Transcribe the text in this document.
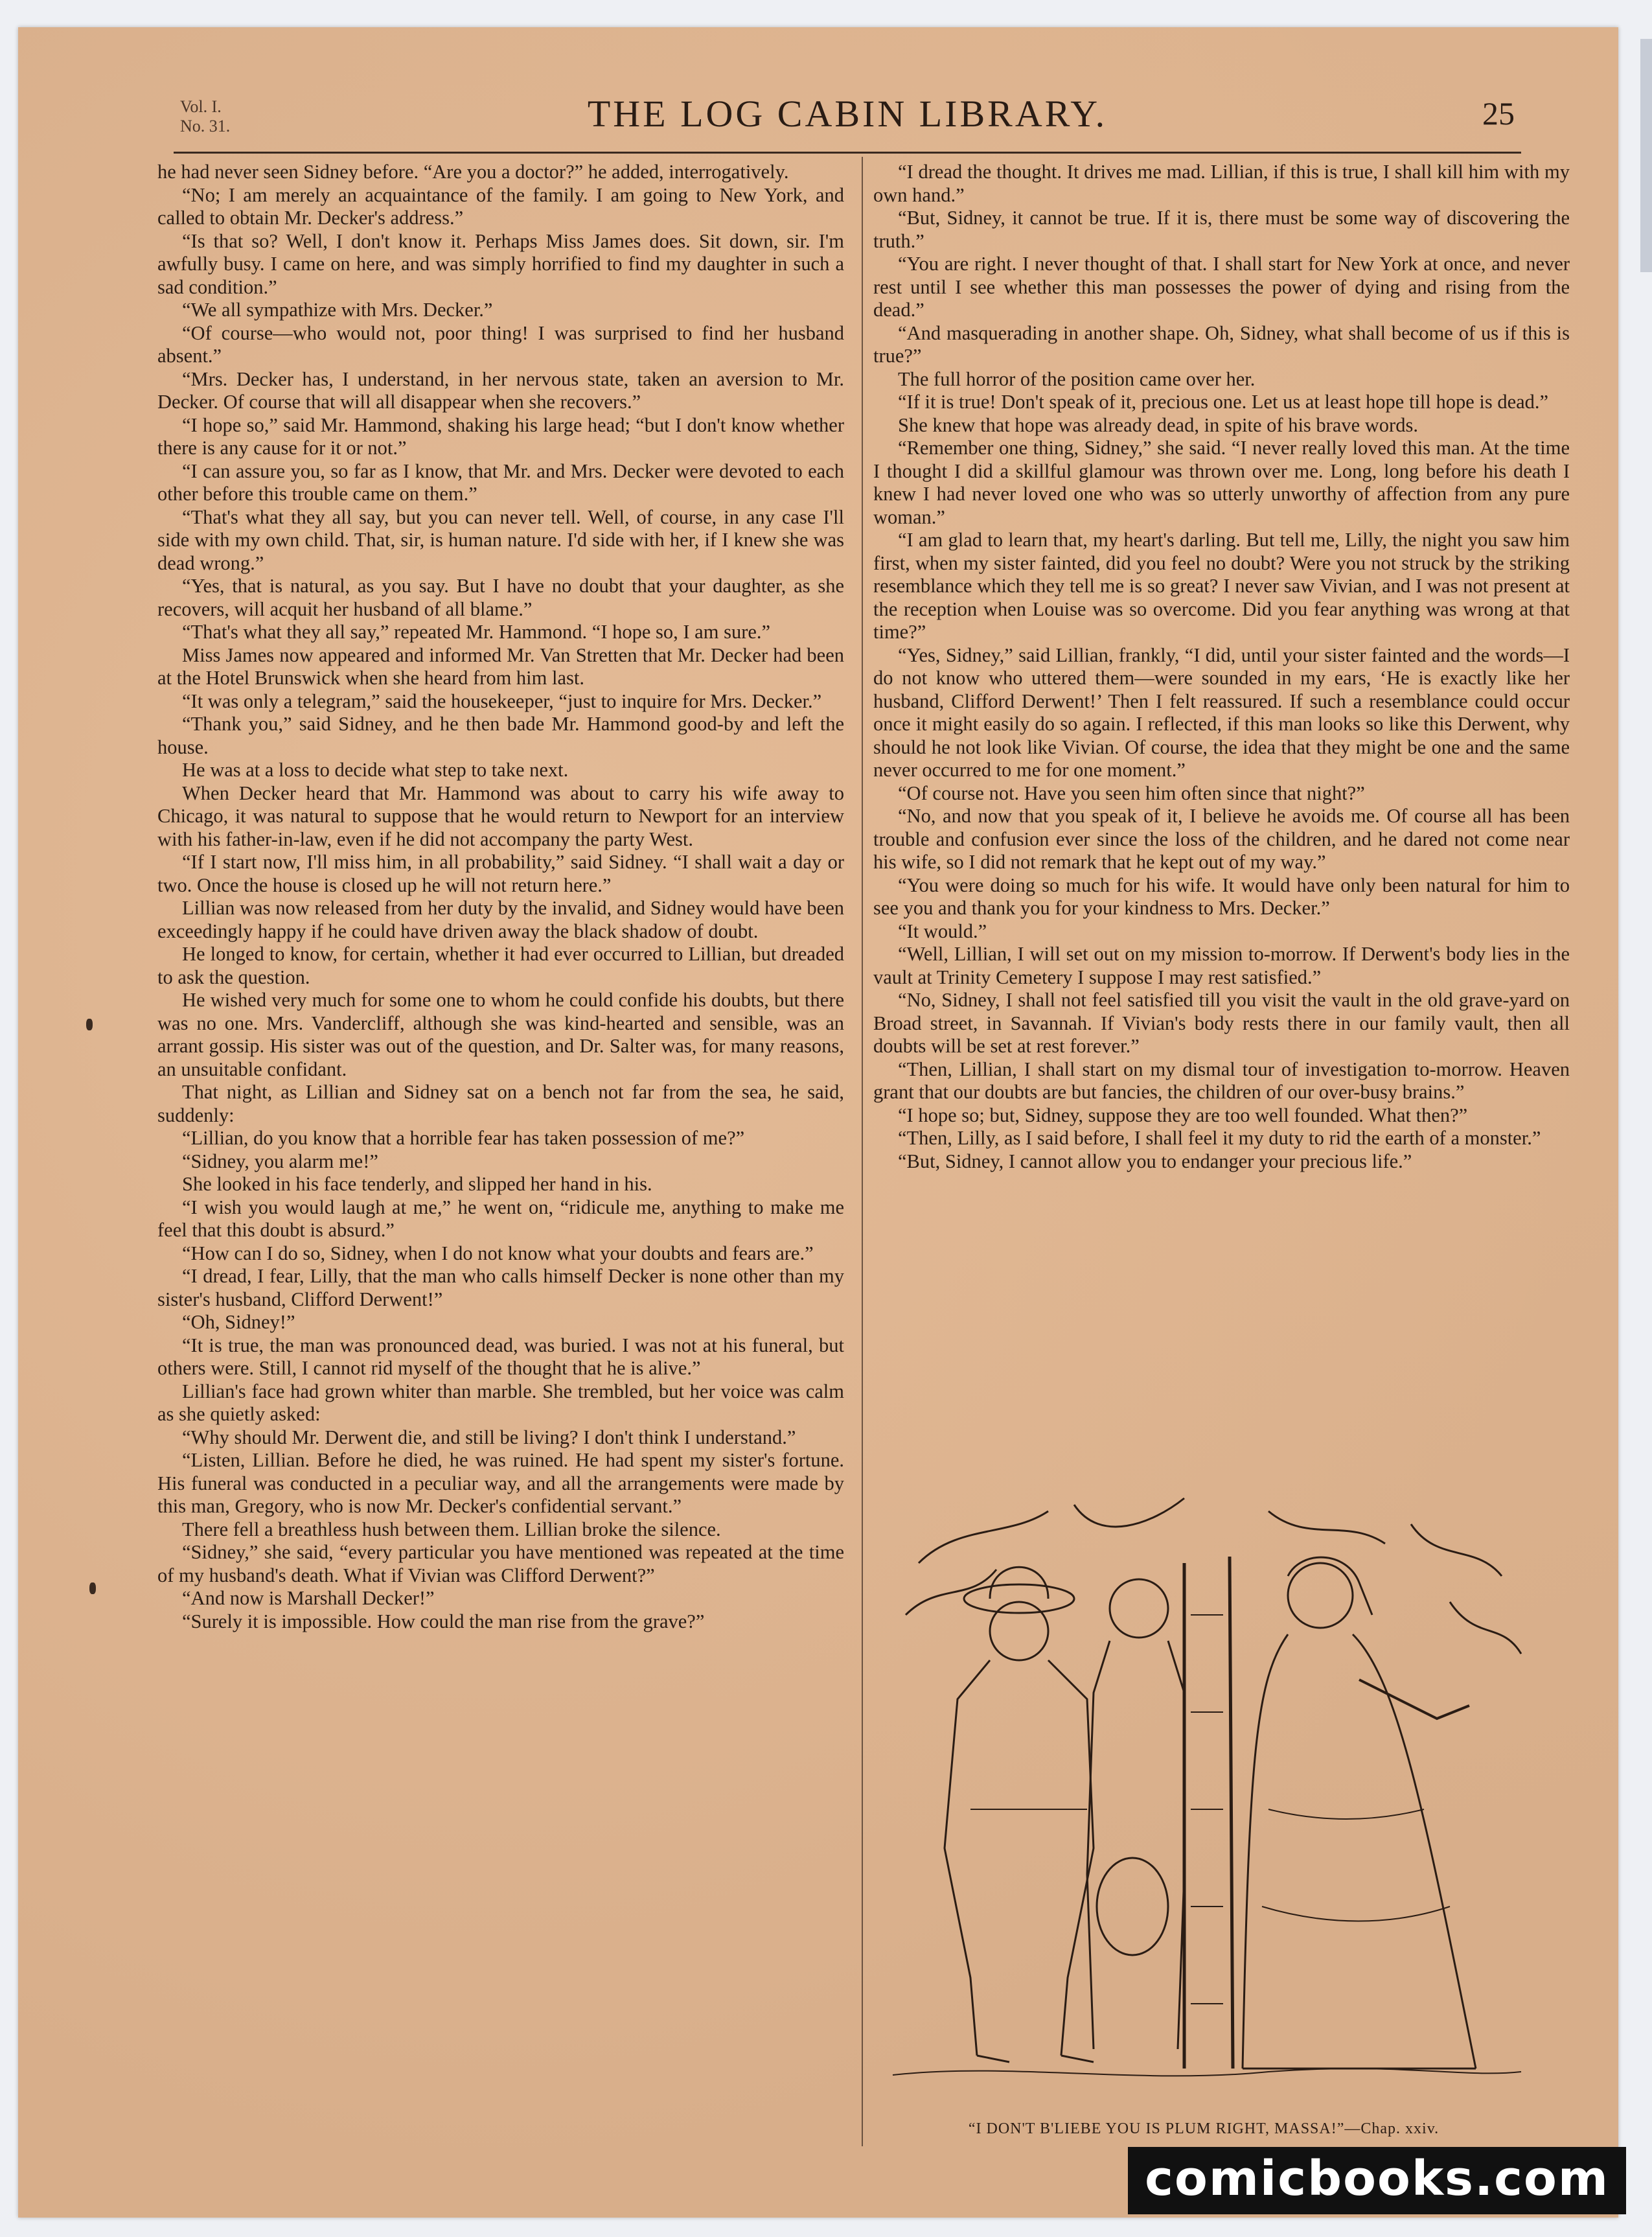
Vol. I.
No. 31.	THE LOG CABIN LIBRARY.	25

he had never seen Sidney before. “Are you a doctor?” he added, interrogatively.

“No; I am merely an acquaintance of the family. I am going to New York, and called to obtain Mr. Decker's address.”

“Is that so? Well, I don't know it. Perhaps Miss James does. Sit down, sir. I'm awfully busy. I came on here, and was simply horrified to find my daughter in such a sad condition.”

“We all sympathize with Mrs. Decker.”

“Of course—who would not, poor thing! I was surprised to find her husband absent.”

“Mrs. Decker has, I understand, in her nervous state, taken an aversion to Mr. Decker. Of course that will all disappear when she recovers.”

“I hope so,” said Mr. Hammond, shaking his large head; “but I don't know whether there is any cause for it or not.”

“I can assure you, so far as I know, that Mr. and Mrs. Decker were devoted to each other before this trouble came on them.”

“That's what they all say, but you can never tell. Well, of course, in any case I'll side with my own child. That, sir, is human nature. I'd side with her, if I knew she was dead wrong.”

“Yes, that is natural, as you say. But I have no doubt that your daughter, as she recovers, will acquit her husband of all blame.”

“That's what they all say,” repeated Mr. Hammond. “I hope so, I am sure.”

Miss James now appeared and informed Mr. Van Stretten that Mr. Decker had been at the Hotel Brunswick when she heard from him last.

“It was only a telegram,” said the housekeeper, “just to inquire for Mrs. Decker.”

“Thank you,” said Sidney, and he then bade Mr. Hammond good-by and left the house.

He was at a loss to decide what step to take next.

When Decker heard that Mr. Hammond was about to carry his wife away to Chicago, it was natural to suppose that he would return to Newport for an interview with his father-in-law, even if he did not accompany the party West.

“If I start now, I'll miss him, in all probability,” said Sidney. “I shall wait a day or two. Once the house is closed up he will not return here.”

Lillian was now released from her duty by the invalid, and Sidney would have been exceedingly happy if he could have driven away the black shadow of doubt.

He longed to know, for certain, whether it had ever occurred to Lillian, but dreaded to ask the question.

He wished very much for some one to whom he could confide his doubts, but there was no one. Mrs. Vandercliff, although she was kind-hearted and sensible, was an arrant gossip. His sister was out of the question, and Dr. Salter was, for many reasons, an unsuitable confidant.

That night, as Lillian and Sidney sat on a bench not far from the sea, he said, suddenly:

“Lillian, do you know that a horrible fear has taken possession of me?”

“Sidney, you alarm me!”

She looked in his face tenderly, and slipped her hand in his.

“I wish you would laugh at me,” he went on, “ridicule me, anything to make me feel that this doubt is absurd.”

“How can I do so, Sidney, when I do not know what your doubts and fears are.”

“I dread, I fear, Lilly, that the man who calls himself Decker is none other than my sister's husband, Clifford Derwent!”

“Oh, Sidney!”

“It is true, the man was pronounced dead, was buried. I was not at his funeral, but others were. Still, I cannot rid myself of the thought that he is alive.”

Lillian's face had grown whiter than marble. She trembled, but her voice was calm as she quietly asked:

“Why should Mr. Derwent die, and still be living? I don't think I understand.”

“Listen, Lillian. Before he died, he was ruined. He had spent my sister's fortune. His funeral was conducted in a peculiar way, and all the arrangements were made by this man, Gregory, who is now Mr. Decker's confidential servant.”

There fell a breathless hush between them. Lillian broke the silence.

“Sidney,” she said, “every particular you have mentioned was repeated at the time of my husband's death. What if Vivian was Clifford Derwent?”

“And now is Marshall Decker!”

“Surely it is impossible. How could the man rise from the grave?”

“I dread the thought. It drives me mad. Lillian, if this is true, I shall kill him with my own hand.”

“But, Sidney, it cannot be true. If it is, there must be some way of discovering the truth.”

“You are right. I never thought of that. I shall start for New York at once, and never rest until I see whether this man possesses the power of dying and rising from the dead.”

“And masquerading in another shape. Oh, Sidney, what shall become of us if this is true?”

The full horror of the position came over her.

“If it is true! Don't speak of it, precious one. Let us at least hope till hope is dead.”

She knew that hope was already dead, in spite of his brave words.

“Remember one thing, Sidney,” she said. “I never really loved this man. At the time I thought I did a skillful glamour was thrown over me. Long, long before his death I knew I had never loved one who was so utterly unworthy of affection from any pure woman.”

“I am glad to learn that, my heart's darling. But tell me, Lilly, the night you saw him first, when my sister fainted, did you feel no doubt? Were you not struck by the striking resemblance which they tell me is so great? I never saw Vivian, and I was not present at the reception when Louise was so overcome. Did you fear anything was wrong at that time?”

“Yes, Sidney,” said Lillian, frankly, “I did, until your sister fainted and the words—I do not know who uttered them—were sounded in my ears, ‘He is exactly like her husband, Clifford Derwent!’ Then I felt reassured. If such a resemblance could occur once it might easily do so again. I reflected, if this man looks so like this Derwent, why should he not look like Vivian. Of course, the idea that they might be one and the same never occurred to me for one moment.”

“Of course not. Have you seen him often since that night?”

“No, and now that you speak of it, I believe he avoids me. Of course all has been trouble and confusion ever since the loss of the children, and he dared not come near his wife, so I did not remark that he kept out of my way.”

“You were doing so much for his wife. It would have only been natural for him to see you and thank you for your kindness to Mrs. Decker.”

“It would.”

“Well, Lillian, I will set out on my mission to-morrow. If Derwent's body lies in the vault at Trinity Cemetery I suppose I may rest satisfied.”

“No, Sidney, I shall not feel satisfied till you visit the vault in the old grave-yard on Broad street, in Savannah. If Vivian's body rests there in our family vault, then all doubts will be set at rest forever.”

“Then, Lillian, I shall start on my dismal tour of investigation to-morrow. Heaven grant that our doubts are but fancies, the children of our over-busy brains.”

“I hope so; but, Sidney, suppose they are too well founded. What then?”

“Then, Lilly, as I said before, I shall feel it my duty to rid the earth of a monster.”

“But, Sidney, I cannot allow you to endanger your precious life.”

“I DON'T B'LIEBE YOU IS PLUM RIGHT, MASSA!”—Chap. xxiv.
comicbooks.com
